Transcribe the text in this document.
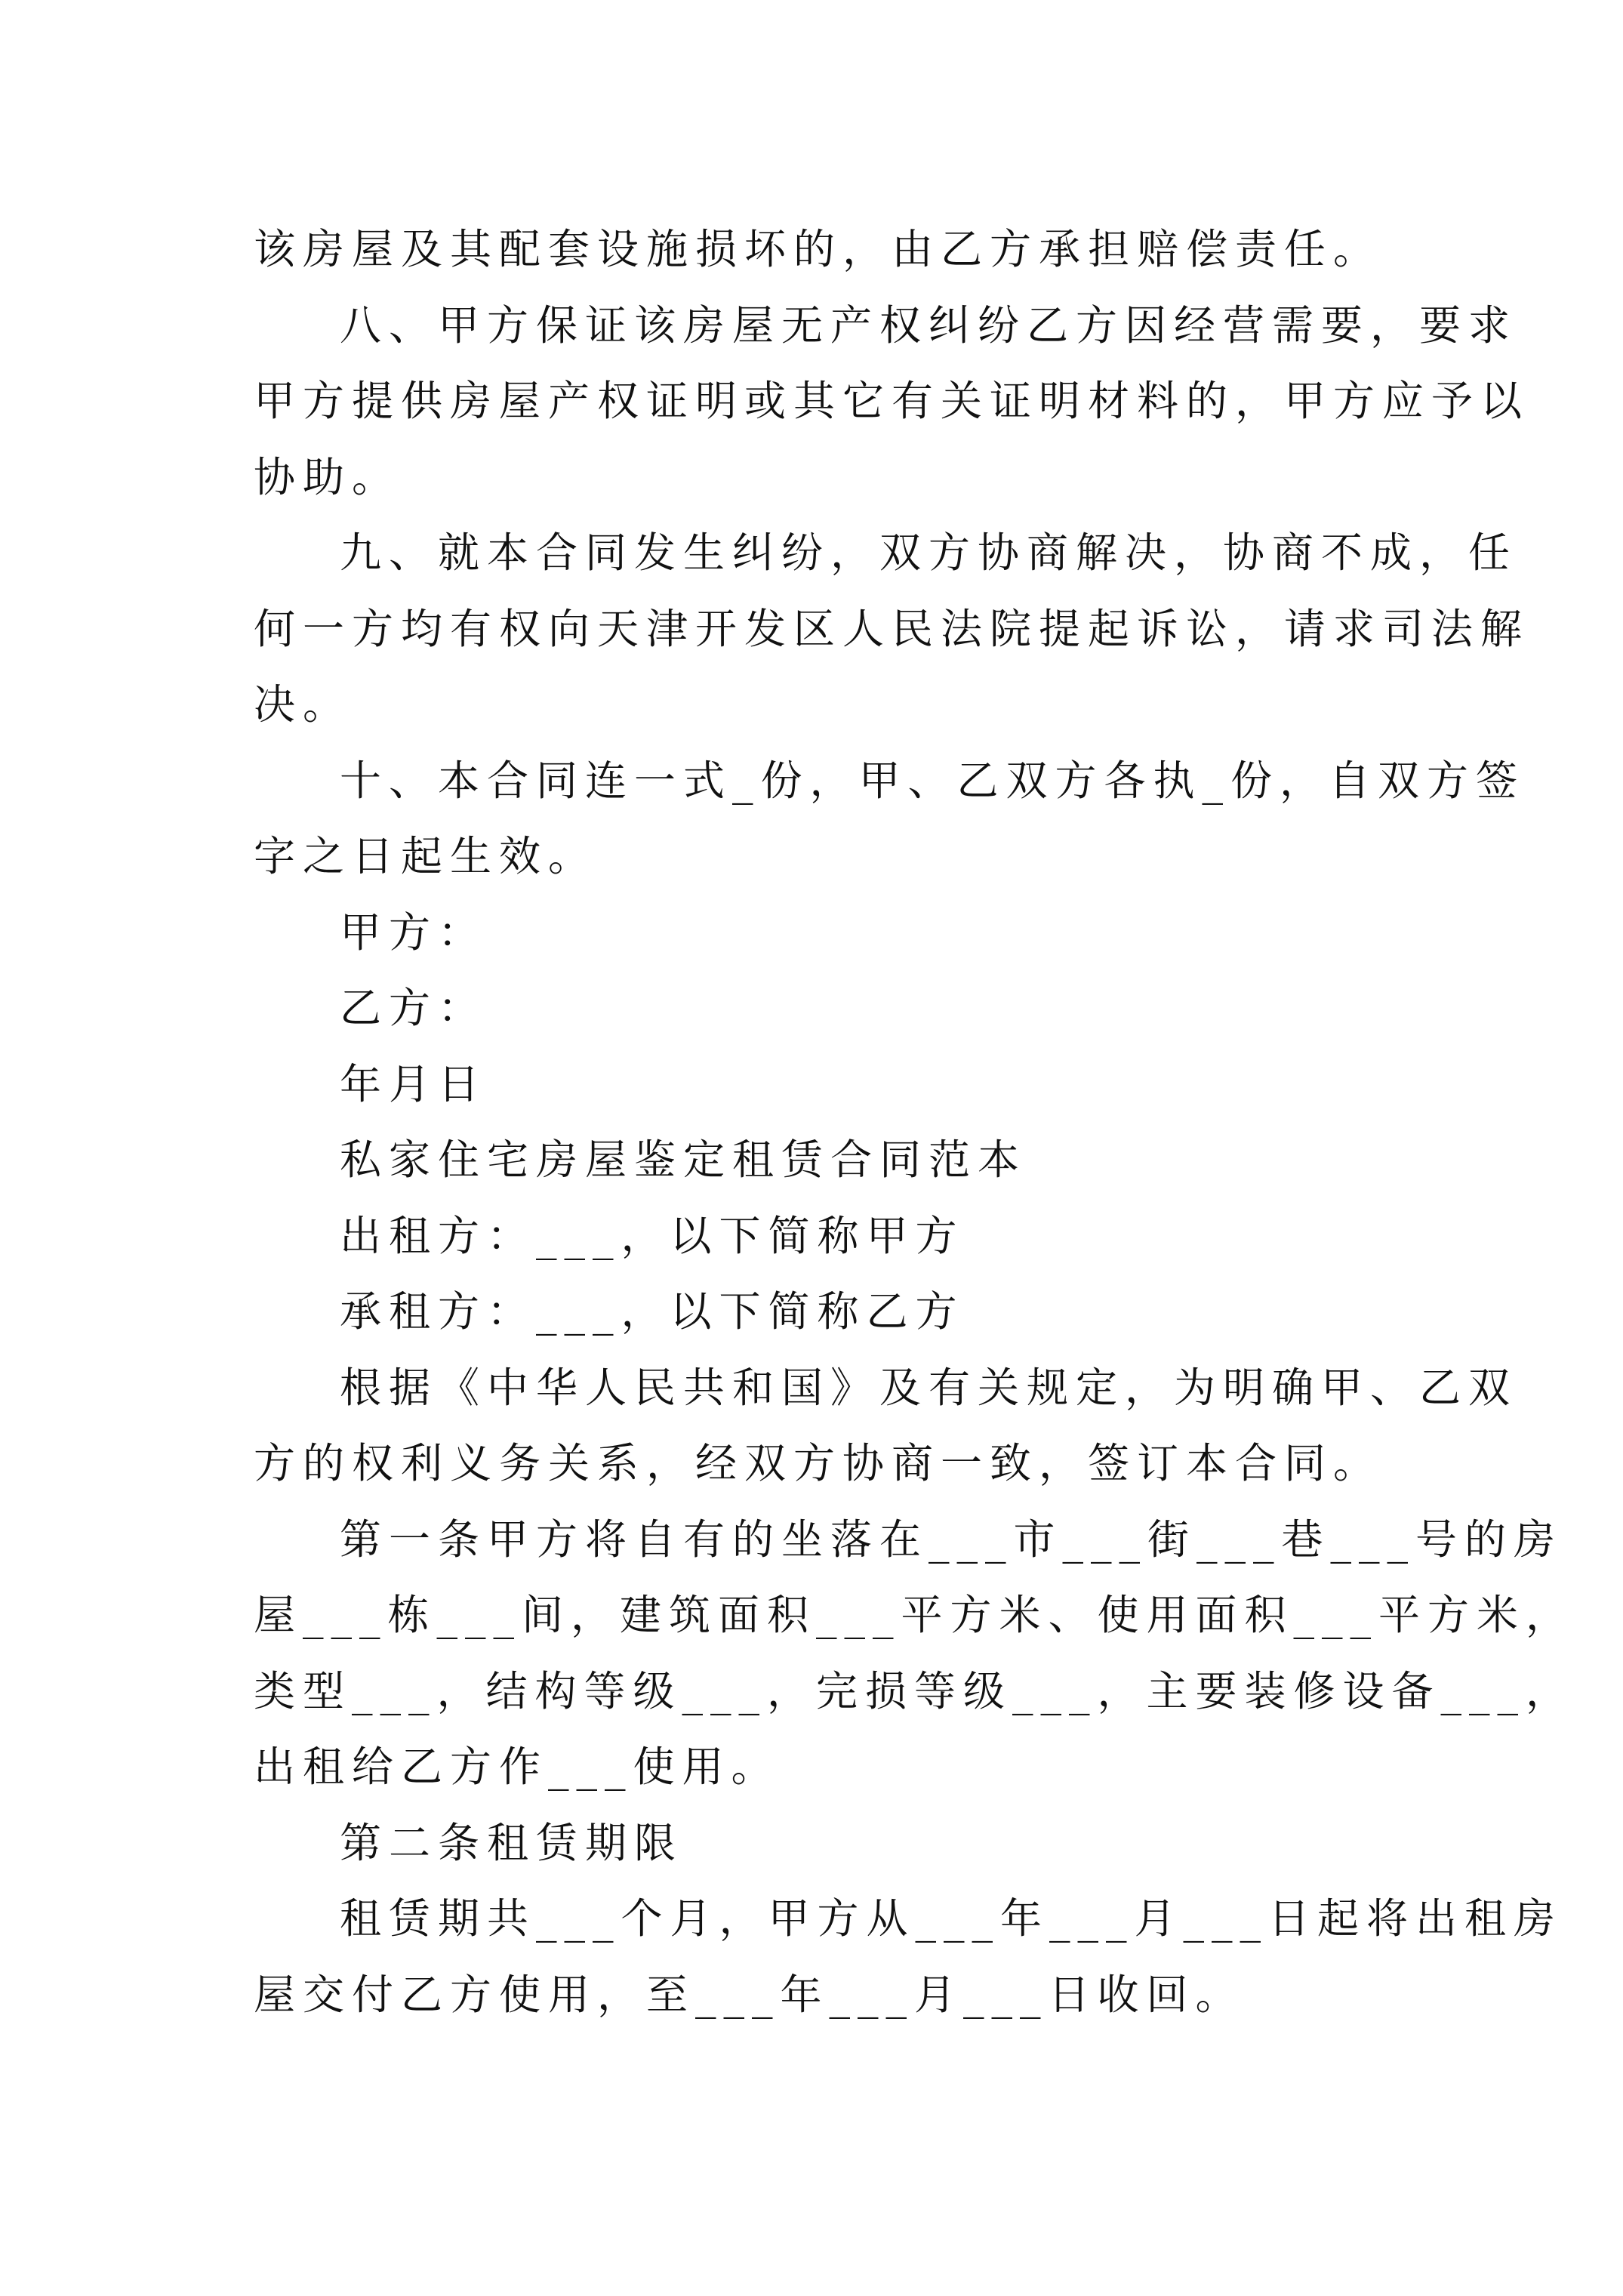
该房屋及其配套设施损坏的，由乙方承担赔偿责任。
八、甲方保证该房屋无产权纠纷乙方因经营需要，要求
甲方提供房屋产权证明或其它有关证明材料的，甲方应予以
协助。
九、就本合同发生纠纷，双方协商解决，协商不成，任
何一方均有权向天津开发区人民法院提起诉讼，请求司法解
决。
十、本合同连一式_份，甲、乙双方各执_份，自双方签
字之日起生效。
甲方：
乙方：
年月日
私家住宅房屋鉴定租赁合同范本
出租方：___，以下简称甲方
承租方：___，以下简称乙方
根据《中华人民共和国》及有关规定，为明确甲、乙双
方的权利义务关系，经双方协商一致，签订本合同。
第一条甲方将自有的坐落在___市___街___巷___号的房
屋___栋___间，建筑面积___平方米、使用面积___平方米，
类型___，结构等级___，完损等级___，主要装修设备___，
出租给乙方作___使用。
第二条租赁期限
租赁期共___个月，甲方从___年___月___日起将出租房
屋交付乙方使用，至___年___月___日收回。
